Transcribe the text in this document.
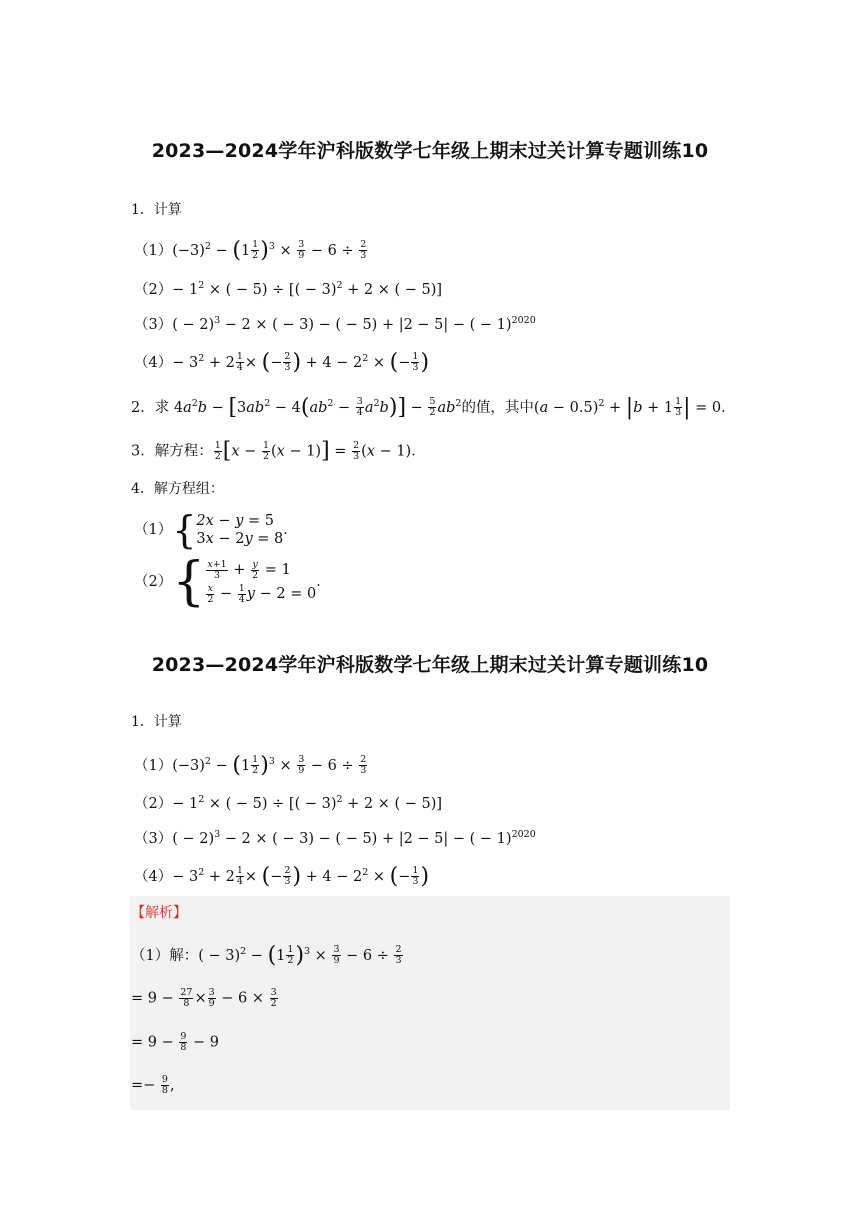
2023—2024学年沪科版数学七年级上期末过关计算专题训练10
1．计算
$(1)(-3)^2 - (1 \frac{1}{2} )^3 \times \frac{3}{9} - 6 \div \frac{2}{3}$
$(2)- 1^2$ × ( − 5) ÷ [( − 3)$^2$ + 2 × ( − 5)]
$(3)( - 2)^3 - 2$ × ( − 3) − ( − 5) + |2 − 5| − ( − 1)$^{2020}$
$(4)- 3^2 + 2 \frac{1}{4}$ × (− $\frac{2}{3}$ ) + $4 - 2^2$ × (− $\frac{1}{3}$ )
2．求 $4a^2b - [3ab^2 - 4(ab^2 - \frac{3}{4} a^2b)] - \frac{5}{2} ab^2$的值，其中$(a - 0.5)^2 + |b + 1 \frac{1}{3}$ | = 0．
3．解方程： $\frac{1}{2} [x - \frac{1}{2} (x - 1)] = \frac{2}{3} (x - 1)$．
4．解方程组：
（1）{2x − y = 5
3x − 2y = 8．
$(2)\{ \frac{x+1}{3} + \frac{y}{2} = 1$

$\frac{x}{2} - \frac{1}{4}$ y − 2 = 0．
2023—2024学年沪科版数学七年级上期末过关计算专题训练10
1．计算
$(1)(-3)^2 - (1 \frac{1}{2} )^3 \times \frac{3}{9} - 6 \div \frac{2}{3}$
$(2)- 1^2$ × ( − 5) ÷ [( − 3)$^2$ + 2 × ( − 5)]
$(3)( - 2)^3 - 2$ × ( − 3) − ( − 5) + |2 − 5| − ( − 1)$^{2020}$
$(4)- 3^2 + 2 \frac{1}{4}$ × (− $\frac{2}{3}$ ) + $4 - 2^2$ × (− $\frac{1}{3}$ )
【解析】
（1）解：( − $3)^2 - (1 \frac{1}{2} )^3 \times \frac{3}{9} - 6 \div \frac{2}{3}$
= $9 - \frac{27}{8} \times \frac{3}{9} - 6 \times \frac{3}{2}$
= $9 - \frac{9}{8} - 9$
=− $\frac{9}{8}$ ,
